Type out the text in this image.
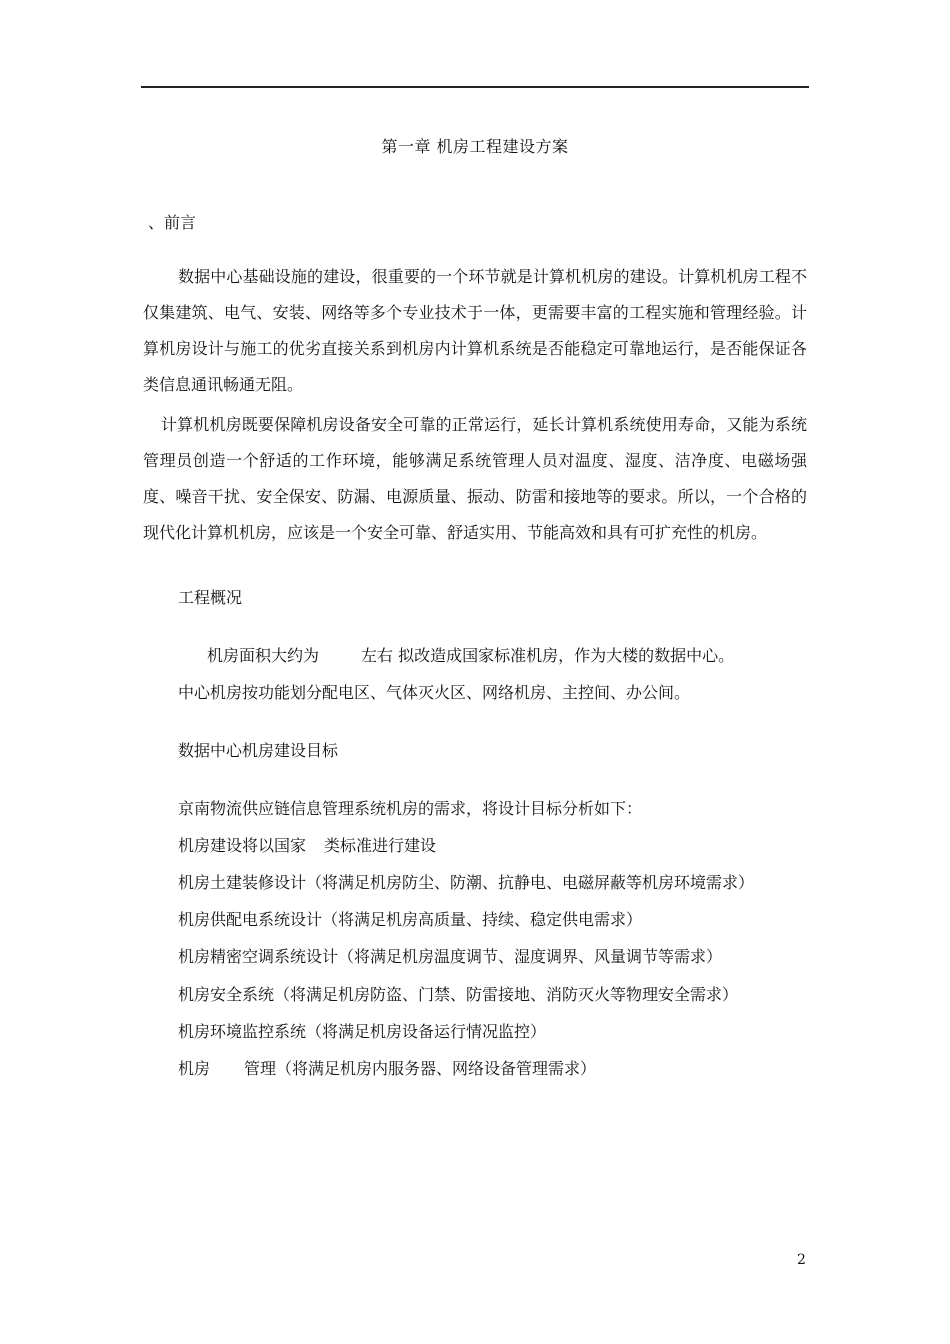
第一章 机房工程建设方案
、前言
数据中心基础设施的建设，很重要的一个环节就是计算机机房的建设。计算机机房工程不仅集建筑、电气、安装、网络等多个专业技术于一体，更需要丰富的工程实施和管理经验。计算机房设计与施工的优劣直接关系到机房内计算机系统是否能稳定可靠地运行，是否能保证各类信息通讯畅通无阻。
计算机机房既要保障机房设备安全可靠的正常运行，延长计算机系统使用寿命，又能为系统管理员创造一个舒适的工作环境，能够满足系统管理人员对温度、湿度、洁净度、电磁场强度、噪音干扰、安全保安、防漏、电源质量、振动、防雷和接地等的要求。所以，一个合格的现代化计算机机房，应该是一个安全可靠、舒适实用、节能高效和具有可扩充性的机房。
工程概况
机房面积大约为	左右 拟改造成国家标准机房，作为大楼的数据中心。
中心机房按功能划分配电区、气体灭火区、网络机房、主控间、办公间。
数据中心机房建设目标
京南物流供应链信息管理系统机房的需求，将设计目标分析如下：
机房建设将以国家 类标准进行建设
机房土建装修设计（将满足机房防尘、防潮、抗静电、电磁屏蔽等机房环境需求）
机房供配电系统设计（将满足机房高质量、持续、稳定供电需求）
机房精密空调系统设计（将满足机房温度调节、湿度调界、风量调节等需求）
机房安全系统（将满足机房防盗、门禁、防雷接地、消防灭火等物理安全需求）
机房环境监控系统（将满足机房设备运行情况监控）
机房 管理（将满足机房内服务器、网络设备管理需求）
2
